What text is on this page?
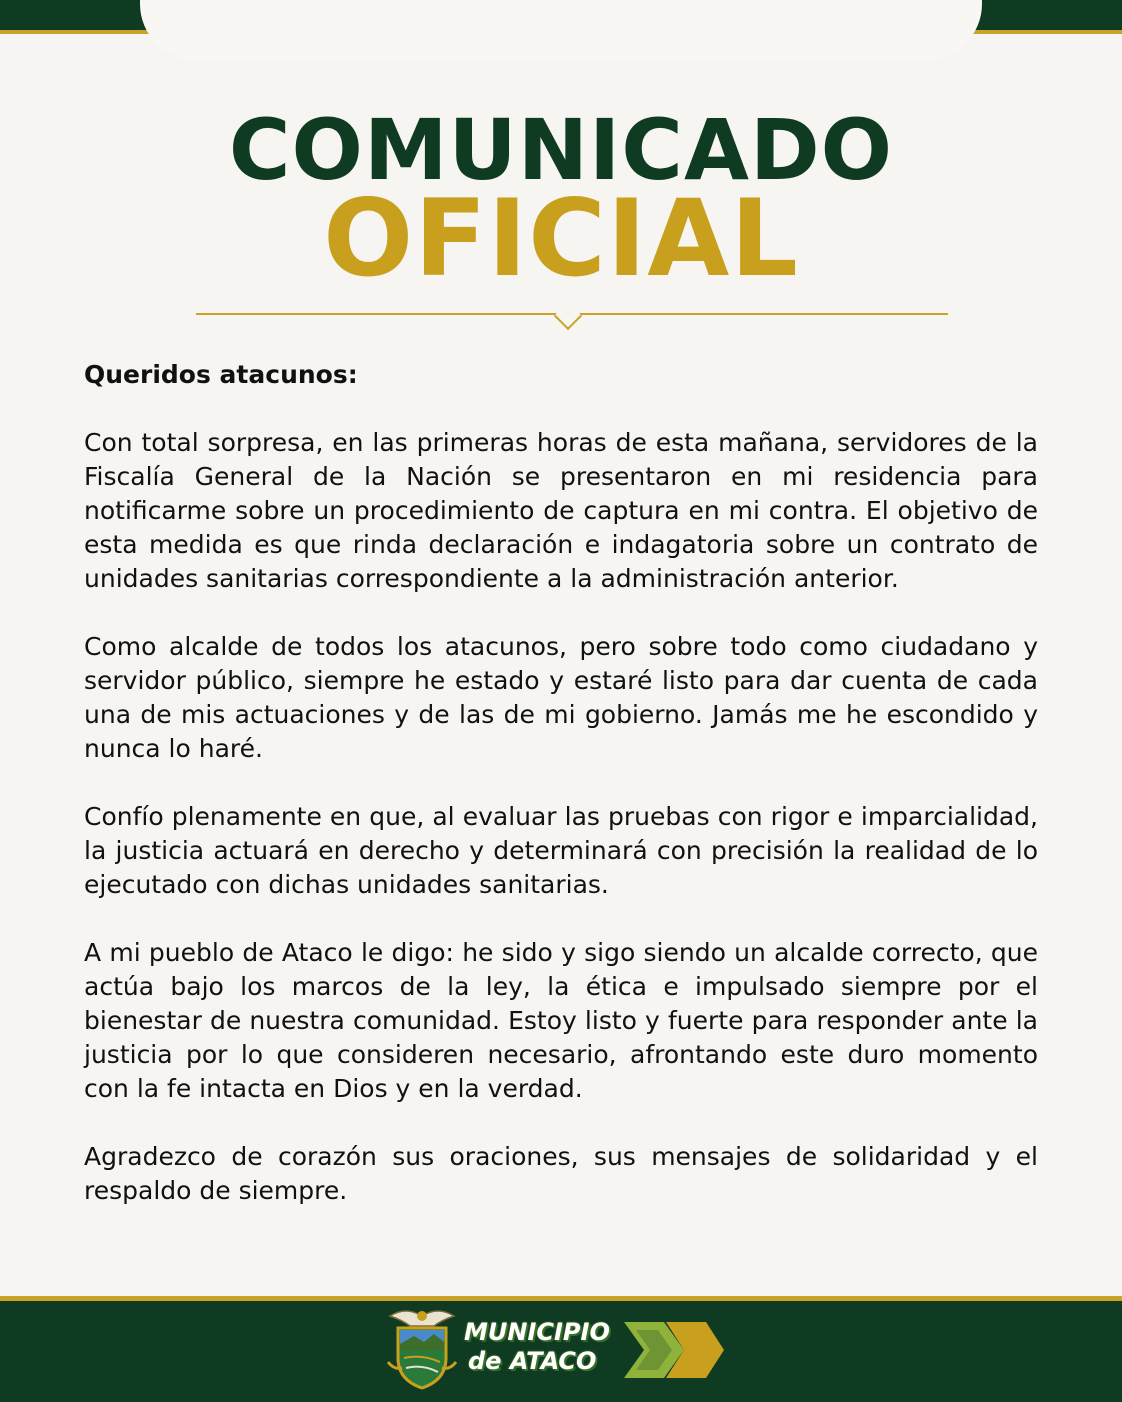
COMUNICADO
OFICIAL

Queridos atacunos:

Con total sorpresa, en las primeras horas de esta mañana, servidores de la Fiscalía General de la Nación se presentaron en mi residencia para notificarme sobre un procedimiento de captura en mi contra. El objetivo de esta medida es que rinda declaración e indagatoria sobre un contrato de unidades sanitarias correspondiente a la administración anterior.

Como alcalde de todos los atacunos, pero sobre todo como ciudadano y servidor público, siempre he estado y estaré listo para dar cuenta de cada una de mis actuaciones y de las de mi gobierno. Jamás me he escondido y nunca lo haré.

Confío plenamente en que, al evaluar las pruebas con rigor e imparcialidad, la justicia actuará en derecho y determinará con precisión la realidad de lo ejecutado con dichas unidades sanitarias.

A mi pueblo de Ataco le digo: he sido y sigo siendo un alcalde correcto, que actúa bajo los marcos de la ley, la ética e impulsado siempre por el bienestar de nuestra comunidad. Estoy listo y fuerte para responder ante la justicia por lo que consideren necesario, afrontando este duro momento con la fe intacta en Dios y en la verdad.

Agradezco de corazón sus oraciones, sus mensajes de solidaridad y el respaldo de siempre.

MUNICIPIO
de ATACO
